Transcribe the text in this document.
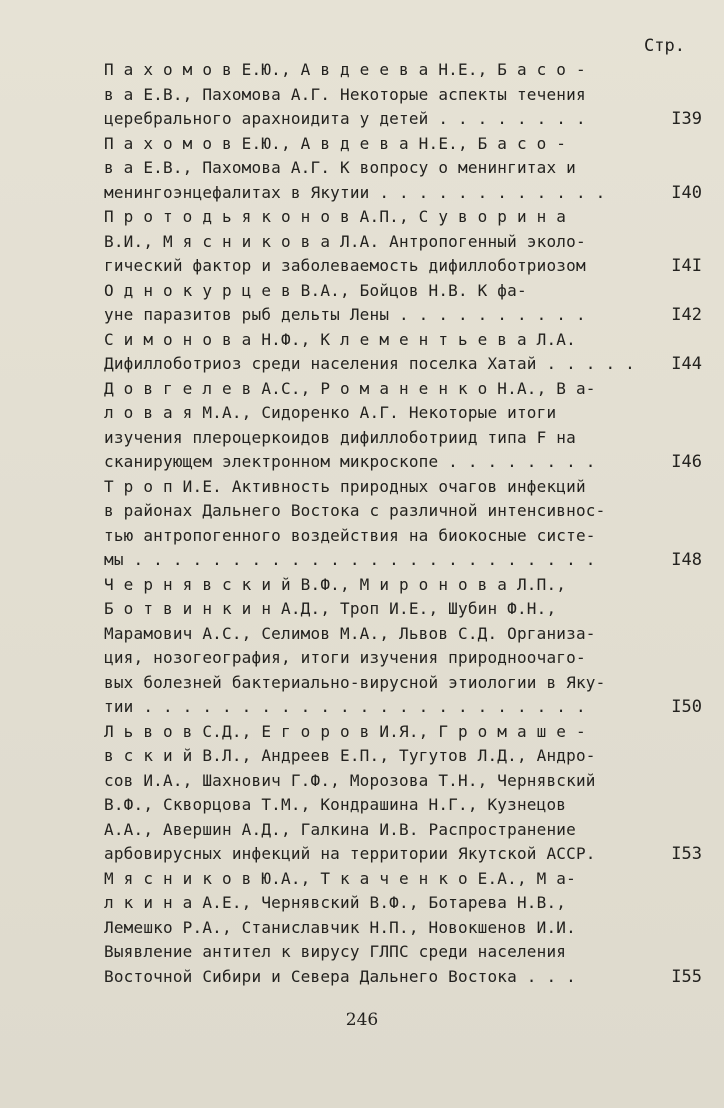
Стр.
П а х о м о в Е.Ю., А в д е е в а Н.Е., Б а с о -
в а Е.В., Пахомова А.Г. Некоторые аспекты течения
церебрального арахноидита у детей . . . . . . . .	I39
П а х о м о в Е.Ю., А в д е в а Н.Е., Б а с о -
в а Е.В., Пахомова А.Г. К вопросу о менингитах и
менингоэнцефалитах в Якутии . . . . . . . . . . . .	I40
П р о т о д ь я к о н о в А.П., С у в о р и н а
В.И., М я с н и к о в а Л.А. Антропогенный эколо-
гический фактор и заболеваемость дифиллоботриозом	I4I
О д н о к у р ц е в В.А., Бойцов Н.В. К фа-
уне паразитов рыб дельты Лены . . . . . . . . . .	I42
С и м о н о в а Н.Ф., К л е м е н т ь е в а Л.А.
Дифиллоботриоз среди населения поселка Хатай . . . . .	I44
Д о в г е л е в А.С., Р о м а н е н к о Н.А., В а-
л о в а я М.А., Сидоренко А.Г. Некоторые итоги
изучения плероцеркоидов дифиллоботриид типа F на
сканирующем электронном микроскопе . . . . . . . .	I46
Т р о п И.Е. Активность природных очагов инфекций
в районах Дальнего Востока с различной интенсивнос-
тью антропогенного воздействия на биокосные систе-
мы . . . . . . . . . . . . . . . . . . . . . . . .	I48
Ч е р н я в с к и й В.Ф., М и р о н о в а Л.П.,
Б о т в и н к и н А.Д., Троп И.Е., Шубин Ф.Н.,
Марамович А.С., Селимов М.А., Львов С.Д. Организа-
ция, нозогеография, итоги изучения природноочаго-
вых болезней бактериально-вирусной этиологии в Яку-
тии . . . . . . . . . . . . . . . . . . . . . . .	I50
Л ь в о в С.Д., Е г о р о в И.Я., Г р о м а ш е -
в с к и й В.Л., Андреев Е.П., Тугутов Л.Д., Андро-
сов И.А., Шахнович Г.Ф., Морозова Т.Н., Чернявский
В.Ф., Скворцова Т.М., Кондрашина Н.Г., Кузнецов
А.А., Авершин А.Д., Галкина И.В. Распространение
арбовирусных инфекций на территории Якутской АССР.	I53
М я с н и к о в Ю.А., Т к а ч е н к о Е.А., М а-
л к и н а А.Е., Чернявский В.Ф., Ботарева Н.В.,
Лемешко Р.А., Станиславчик Н.П., Новокшенов И.И.
Выявление антител к вирусу ГЛПС среди населения
Восточной Сибири и Севера Дальнего Востока . . .	I55
246
